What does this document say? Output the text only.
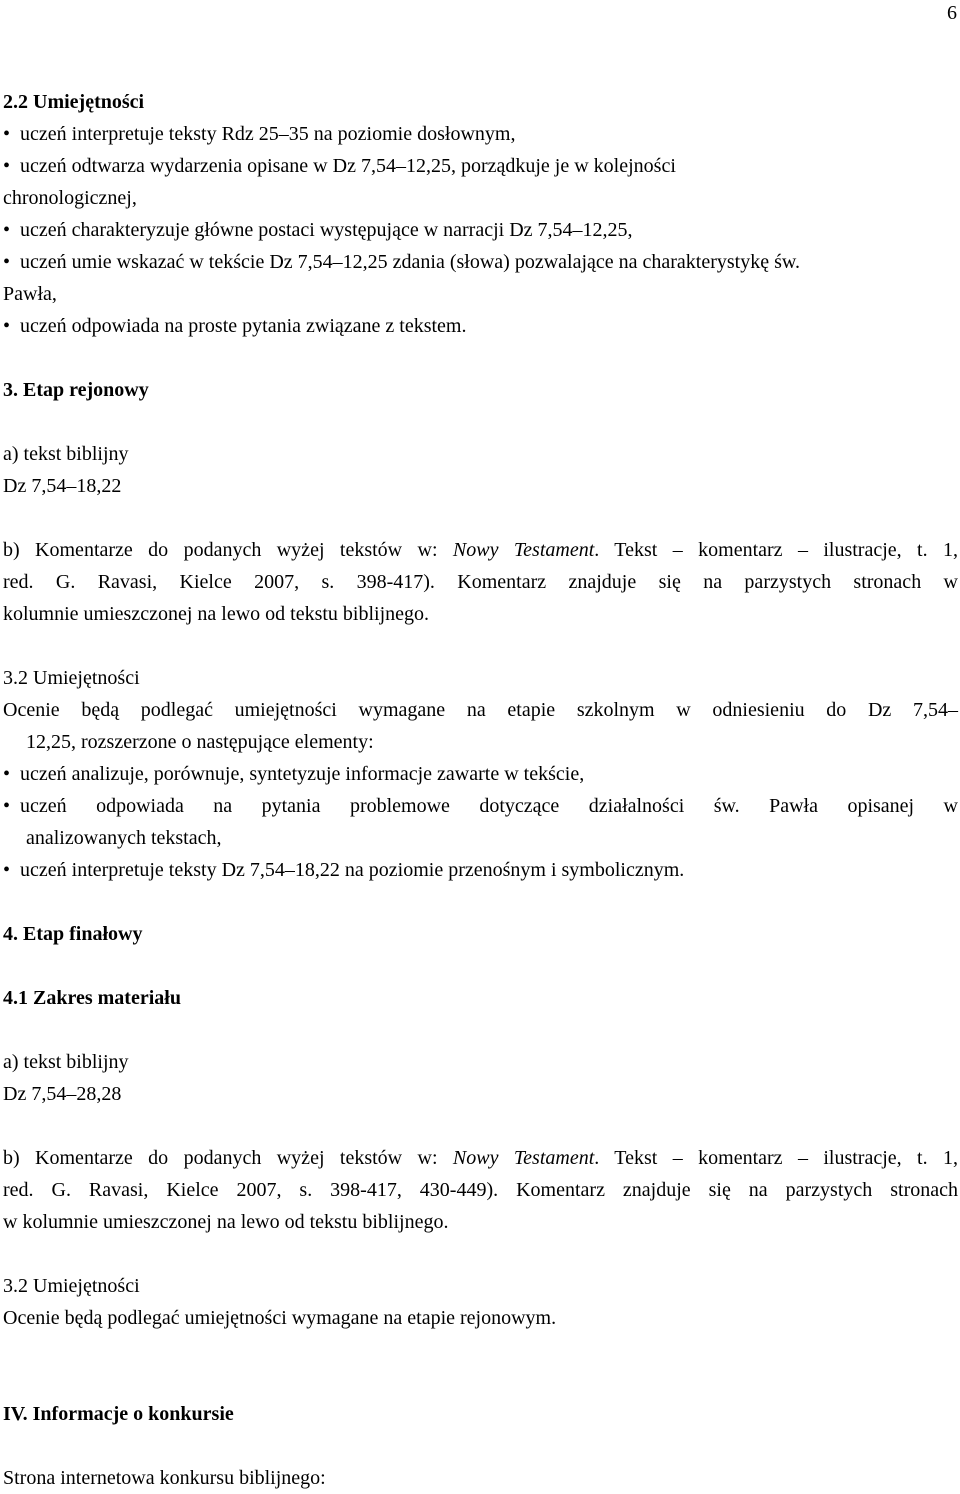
6
2.2 Umiejętności
• uczeń interpretuje teksty Rdz 25–35 na poziomie dosłownym,
• uczeń odtwarza wydarzenia opisane w Dz 7,54–12,25, porządkuje je w kolejności
chronologicznej,
• uczeń charakteryzuje główne postaci występujące w narracji Dz 7,54–12,25,
• uczeń umie wskazać w tekście Dz 7,54–12,25 zdania (słowa) pozwalające na charakterystykę św.
Pawła,
• uczeń odpowiada na proste pytania związane z tekstem.
3. Etap rejonowy
a) tekst biblijny
Dz 7,54–18,22
b) Komentarze do podanych wyżej tekstów w: Nowy Testament. Tekst – komentarz – ilustracje, t. 1,
red. G. Ravasi, Kielce 2007, s. 398-417). Komentarz znajduje się na parzystych stronach w
kolumnie umieszczonej na lewo od tekstu biblijnego.
3.2 Umiejętności
Ocenie będą podlegać umiejętności wymagane na etapie szkolnym w odniesieniu do Dz 7,54–
12,25, rozszerzone o następujące elementy:
• uczeń analizuje, porównuje, syntetyzuje informacje zawarte w tekście,
• uczeń odpowiada na pytania problemowe dotyczące działalności św. Pawła opisanej w
analizowanych tekstach,
• uczeń interpretuje teksty Dz 7,54–18,22 na poziomie przenośnym i symbolicznym.
4. Etap finałowy
4.1 Zakres materiału
a) tekst biblijny
Dz 7,54–28,28
b) Komentarze do podanych wyżej tekstów w: Nowy Testament. Tekst – komentarz – ilustracje, t. 1,
red. G. Ravasi, Kielce 2007, s. 398-417, 430-449). Komentarz znajduje się na parzystych stronach
w kolumnie umieszczonej na lewo od tekstu biblijnego.
3.2 Umiejętności
Ocenie będą podlegać umiejętności wymagane na etapie rejonowym.
IV. Informacje o konkursie
Strona internetowa konkursu biblijnego:
